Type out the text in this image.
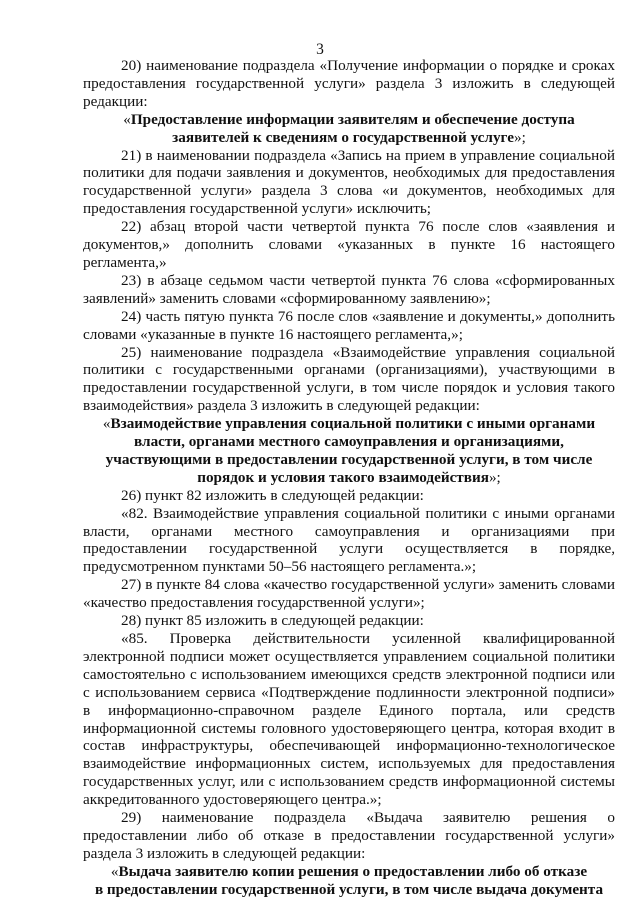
3

20) наименование подраздела «Получение информации о порядке и сроках предоставления государственной услуги» раздела 3 изложить в следующей редакции:

«Предоставление информации заявителям и обеспечение доступа
заявителей к сведениям о государственной услуге»;

21) в наименовании подраздела «Запись на прием в управление социальной политики для подачи заявления и документов, необходимых для предоставления государственной услуги» раздела 3 слова «и документов, необходимых для предоставления государственной услуги» исключить;

22) абзац второй части четвертой пункта 76 после слов «заявления и документов,» дополнить словами «указанных в пункте 16 настоящего регламента,»

23) в абзаце седьмом части четвертой пункта 76 слова «сформированных заявлений» заменить словами «сформированному заявлению»;

24) часть пятую пункта 76 после слов «заявление и документы,» дополнить словами «указанные в пункте 16 настоящего регламента,»;

25) наименование подраздела «Взаимодействие управления социальной политики с государственными органами (организациями), участвующими в предоставлении государственной услуги, в том числе порядок и условия такого взаимодействия» раздела 3 изложить в следующей редакции:

«Взаимодействие управления социальной политики с иными органами
власти, органами местного самоуправления и организациями,
участвующими в предоставлении государственной услуги, в том числе
порядок и условия такого взаимодействия»;

26) пункт 82 изложить в следующей редакции:

«82. Взаимодействие управления социальной политики с иными органами власти, органами местного самоуправления и организациями при предоставлении государственной услуги осуществляется в порядке, предусмотренном пунктами 50–56 настоящего регламента.»;

27) в пункте 84 слова «качество государственной услуги» заменить словами «качество предоставления государственной услуги»;

28) пункт 85 изложить в следующей редакции:

«85. Проверка действительности усиленной квалифицированной электронной подписи может осуществляется управлением социальной политики самостоятельно с использованием имеющихся средств электронной подписи или с использованием сервиса «Подтверждение подлинности электронной подписи» в информационно-справочном разделе Единого портала, или средств информационной системы головного удостоверяющего центра, которая входит в состав инфраструктуры, обеспечивающей информационно-технологическое взаимодействие информационных систем, используемых для предоставления государственных услуг, или с использованием средств информационной системы аккредитованного удостоверяющего центра.»;

29) наименование подраздела «Выдача заявителю решения о предоставлении либо об отказе в предоставлении государственной услуги» раздела 3 изложить в следующей редакции:

«Выдача заявителю копии решения о предоставлении либо об отказе
в предоставлении государственной услуги, в том числе выдача документа
